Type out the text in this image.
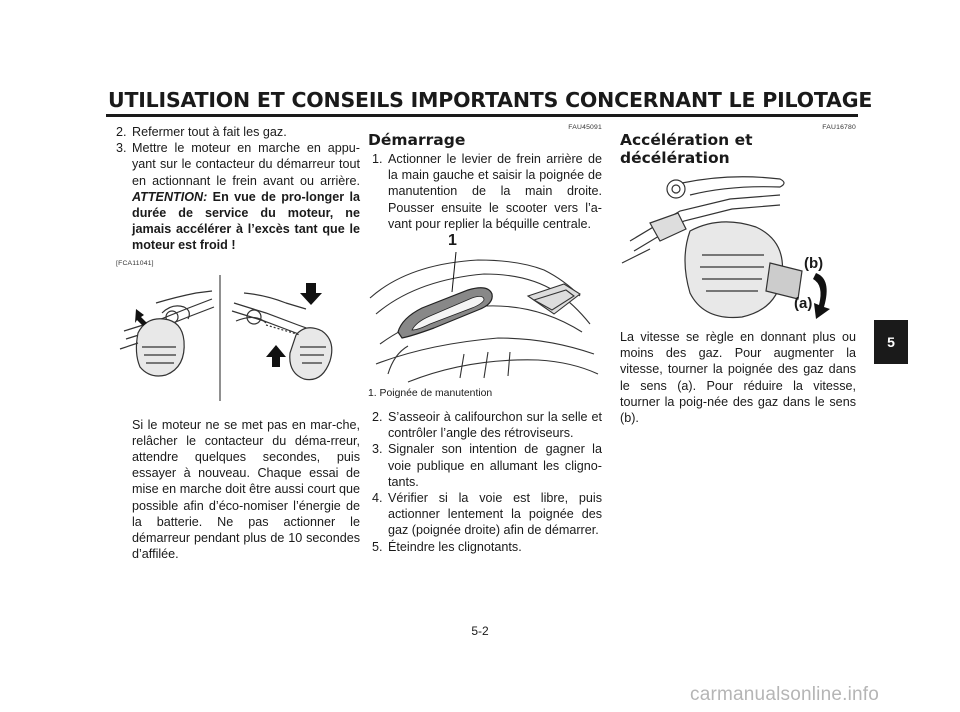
UTILISATION ET CONSEILS IMPORTANTS CONCERNANT LE PILOTAGE
2. Refermer tout à fait les gaz.
3. Mettre le moteur en marche en appu-yant sur le contacteur du démarreur tout en actionnant le frein avant ou arrière. ATTENTION: En vue de pro-longer la durée de service du moteur, ne jamais accélérer à l’excès tant que le moteur est froid !
[FCA11041]
Si le moteur ne se met pas en mar-che, relâcher le contacteur du déma-rreur, attendre quelques secondes, puis essayer à nouveau. Chaque essai de mise en marche doit être aussi court que possible afin d’éco-nomiser l’énergie de la batterie. Ne pas actionner le démarreur pendant plus de 10 secondes d’affilée.
FAU45091
Démarrage
1. Actionner le levier de frein arrière de la main gauche et saisir la poignée de manutention de la main droite. Pousser ensuite le scooter vers l’a-vant pour replier la béquille centrale.
1
1. Poignée de manutention
2. S’asseoir à califourchon sur la selle et contrôler l’angle des rétroviseurs.
3. Signaler son intention de gagner la voie publique en allumant les cligno-tants.
4. Vérifier si la voie est libre, puis actionner lentement la poignée des gaz (poignée droite) afin de démarrer.
5. Éteindre les clignotants.
FAU16780
Accélération et décélération
(b)
(a)
La vitesse se règle en donnant plus ou moins des gaz. Pour augmenter la vitesse, tourner la poignée des gaz dans le sens (a). Pour réduire la vitesse, tourner la poig-née des gaz dans le sens (b).
5-2
5
carmanualsonline.info
